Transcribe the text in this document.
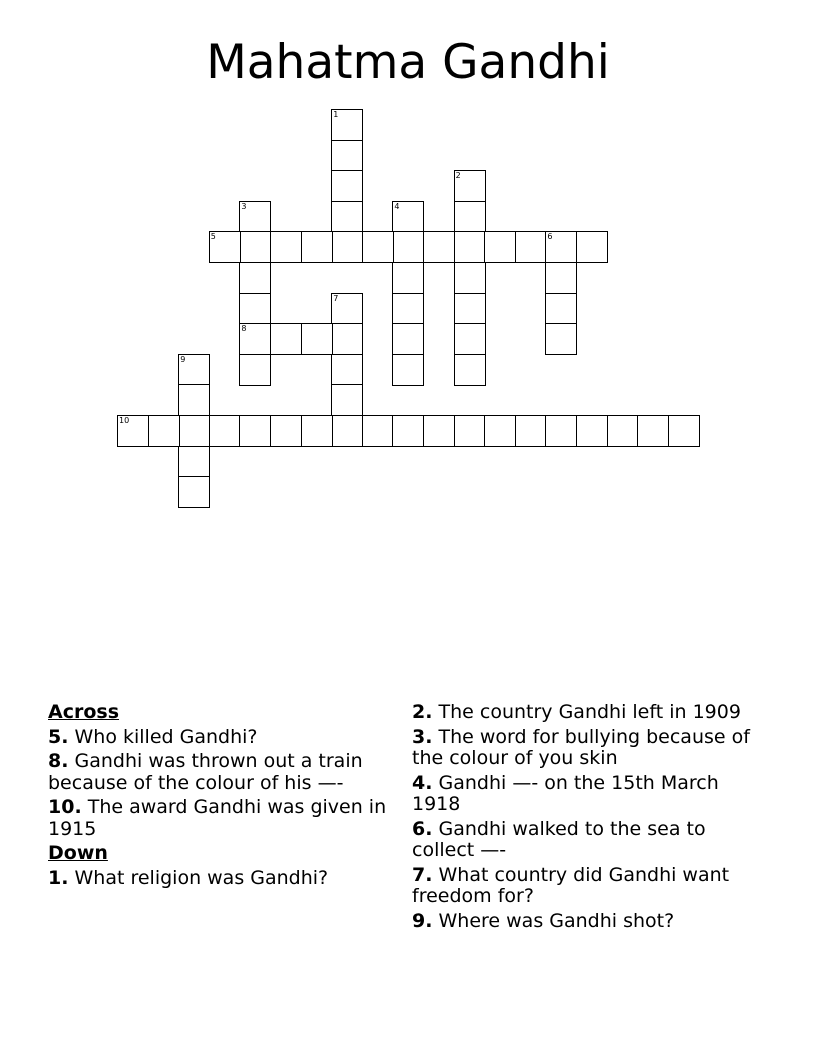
Mahatma Gandhi
1
2
3
8
4
5	6
7
9
10
Across
5. Who killed Gandhi?
8. Gandhi was thrown out a train because of the colour of his —-
10. The award Gandhi was given in 1915
Down
1. What religion was Gandhi?
2. The country Gandhi left in 1909
3. The word for bullying because of the colour of you skin
4. Gandhi —- on the 15th March 1918
6. Gandhi walked to the sea to collect —-
7. What country did Gandhi want freedom for?
9. Where was Gandhi shot?
